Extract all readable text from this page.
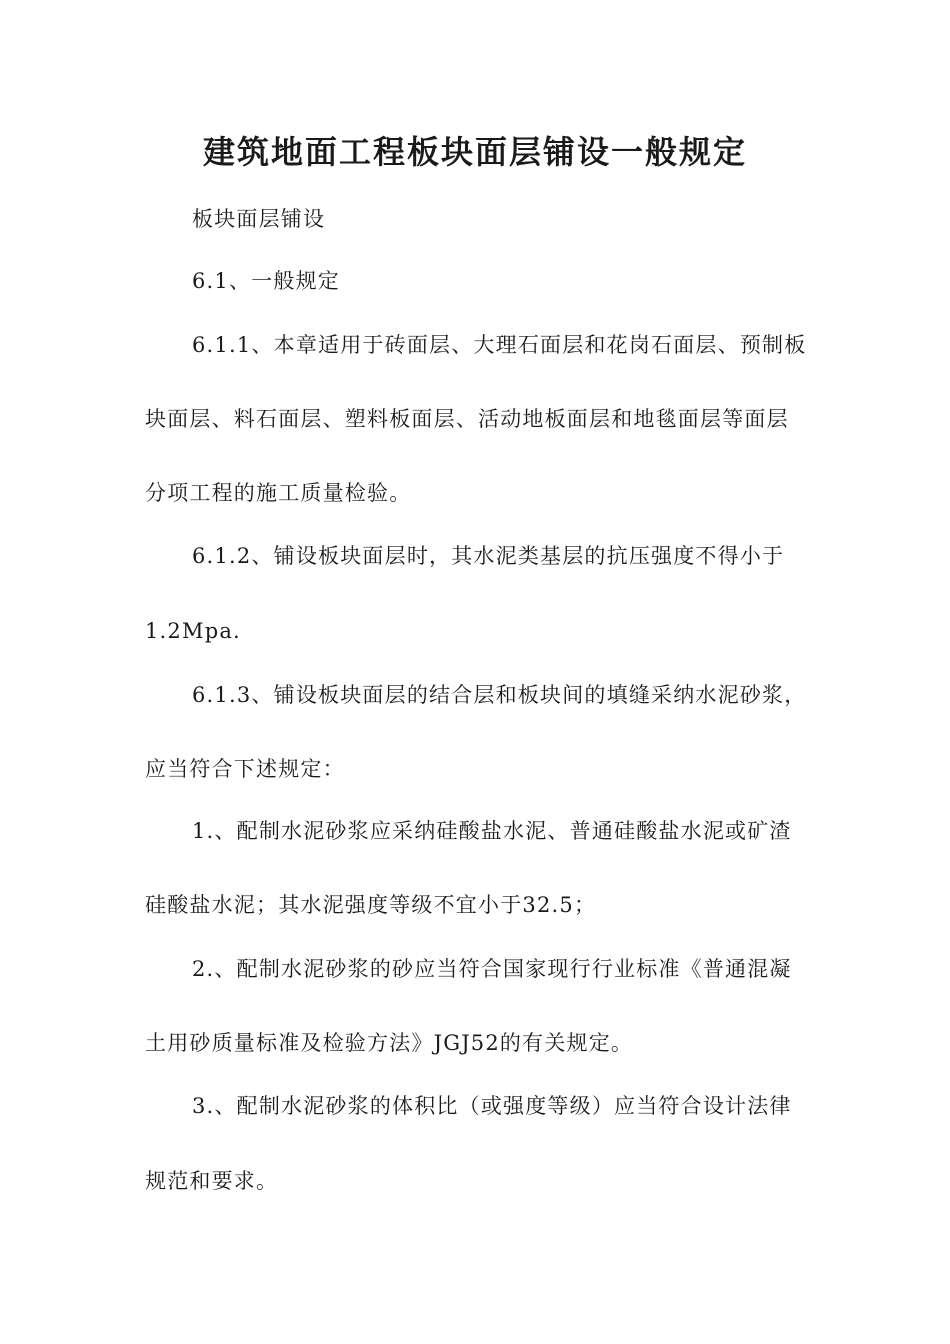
建筑地面工程板块面层铺设一般规定
板块面层铺设
6.1、一般规定
6.1.1、本章适用于砖面层、大理石面层和花岗石面层、预制板
块面层、料石面层、塑料板面层、活动地板面层和地毯面层等面层
分项工程的施工质量检验。
6.1.2、铺设板块面层时，其水泥类基层的抗压强度不得小于
1.2Mpa.
6.1.3、铺设板块面层的结合层和板块间的填缝采纳水泥砂浆，
应当符合下述规定：
1.、配制水泥砂浆应采纳硅酸盐水泥、普通硅酸盐水泥或矿渣
硅酸盐水泥；其水泥强度等级不宜小于32.5；
2.、配制水泥砂浆的砂应当符合国家现行行业标准《普通混凝
土用砂质量标准及检验方法》JGJ52的有关规定。
3.、配制水泥砂浆的体积比（或强度等级）应当符合设计法律
规范和要求。
